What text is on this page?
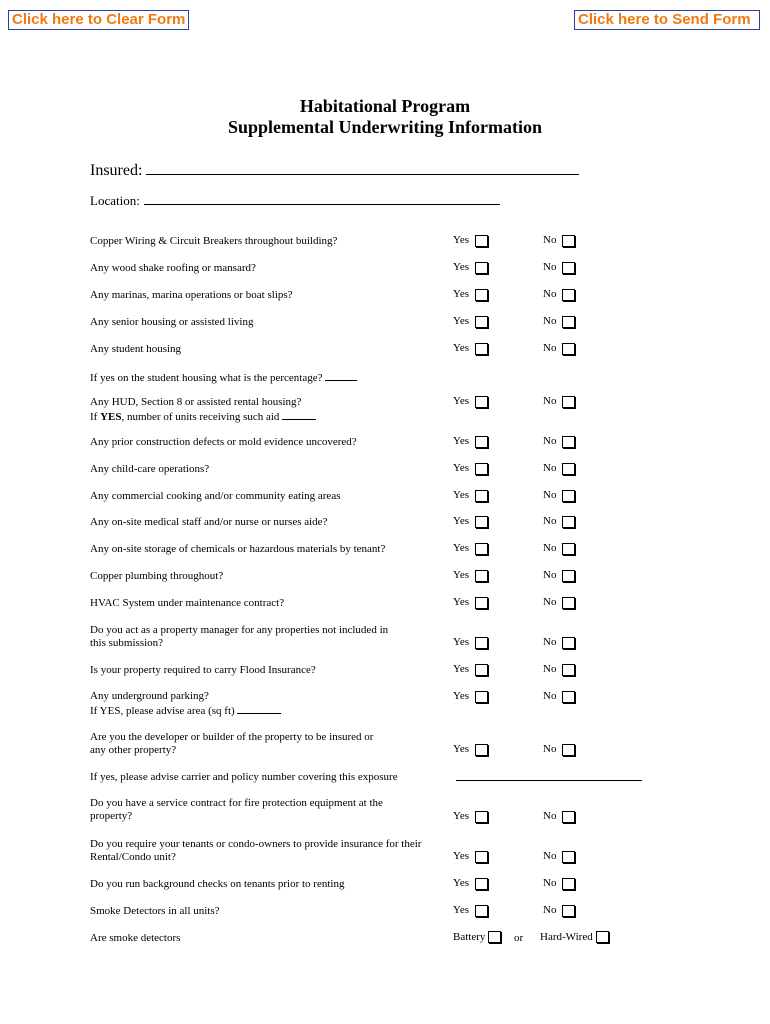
Click here to Clear Form	Click here to Send Form
Habitational Program
Supplemental Underwriting Information
Insured:
Location:
Copper Wiring & Circuit Breakers throughout building?	Yes	No
Any wood shake roofing or mansard?	Yes	No
Any marinas, marina operations or boat slips?	Yes	No
Any senior housing or assisted living	Yes	No
Any student housing	Yes	No
If yes on the student housing what is the percentage?
Any HUD, Section 8 or assisted rental housing?
If YES, number of units receiving such aid
Yes	No
Any prior construction defects or mold evidence uncovered?	Yes	No
Any child-care operations?	Yes	No
Any commercial cooking and/or community eating areas	Yes	No
Any on-site medical staff and/or nurse or nurses aide?	Yes	No
Any on-site storage of chemicals or hazardous materials by tenant?	Yes	No
Copper plumbing throughout?	Yes	No
HVAC System under maintenance contract?	Yes	No
Do you act as a property manager for any properties not included in
this submission?	Yes	No
Is your property required to carry Flood Insurance?	Yes	No
Any underground parking?
If YES, please advise area (sq ft)
Yes	No
Are you the developer or builder of the property to be insured or
any other property?	Yes	No
If yes, please advise carrier and policy number covering this exposure
Do you have a service contract for fire protection equipment at the
property?	Yes	No
Do you require your tenants or condo-owners to provide insurance for their
Rental/Condo unit?	Yes	No
Do you run background checks on tenants prior to renting	Yes	No
Smoke Detectors in all units?	Yes	No
Are smoke detectors	Battery	or Hard-Wired
